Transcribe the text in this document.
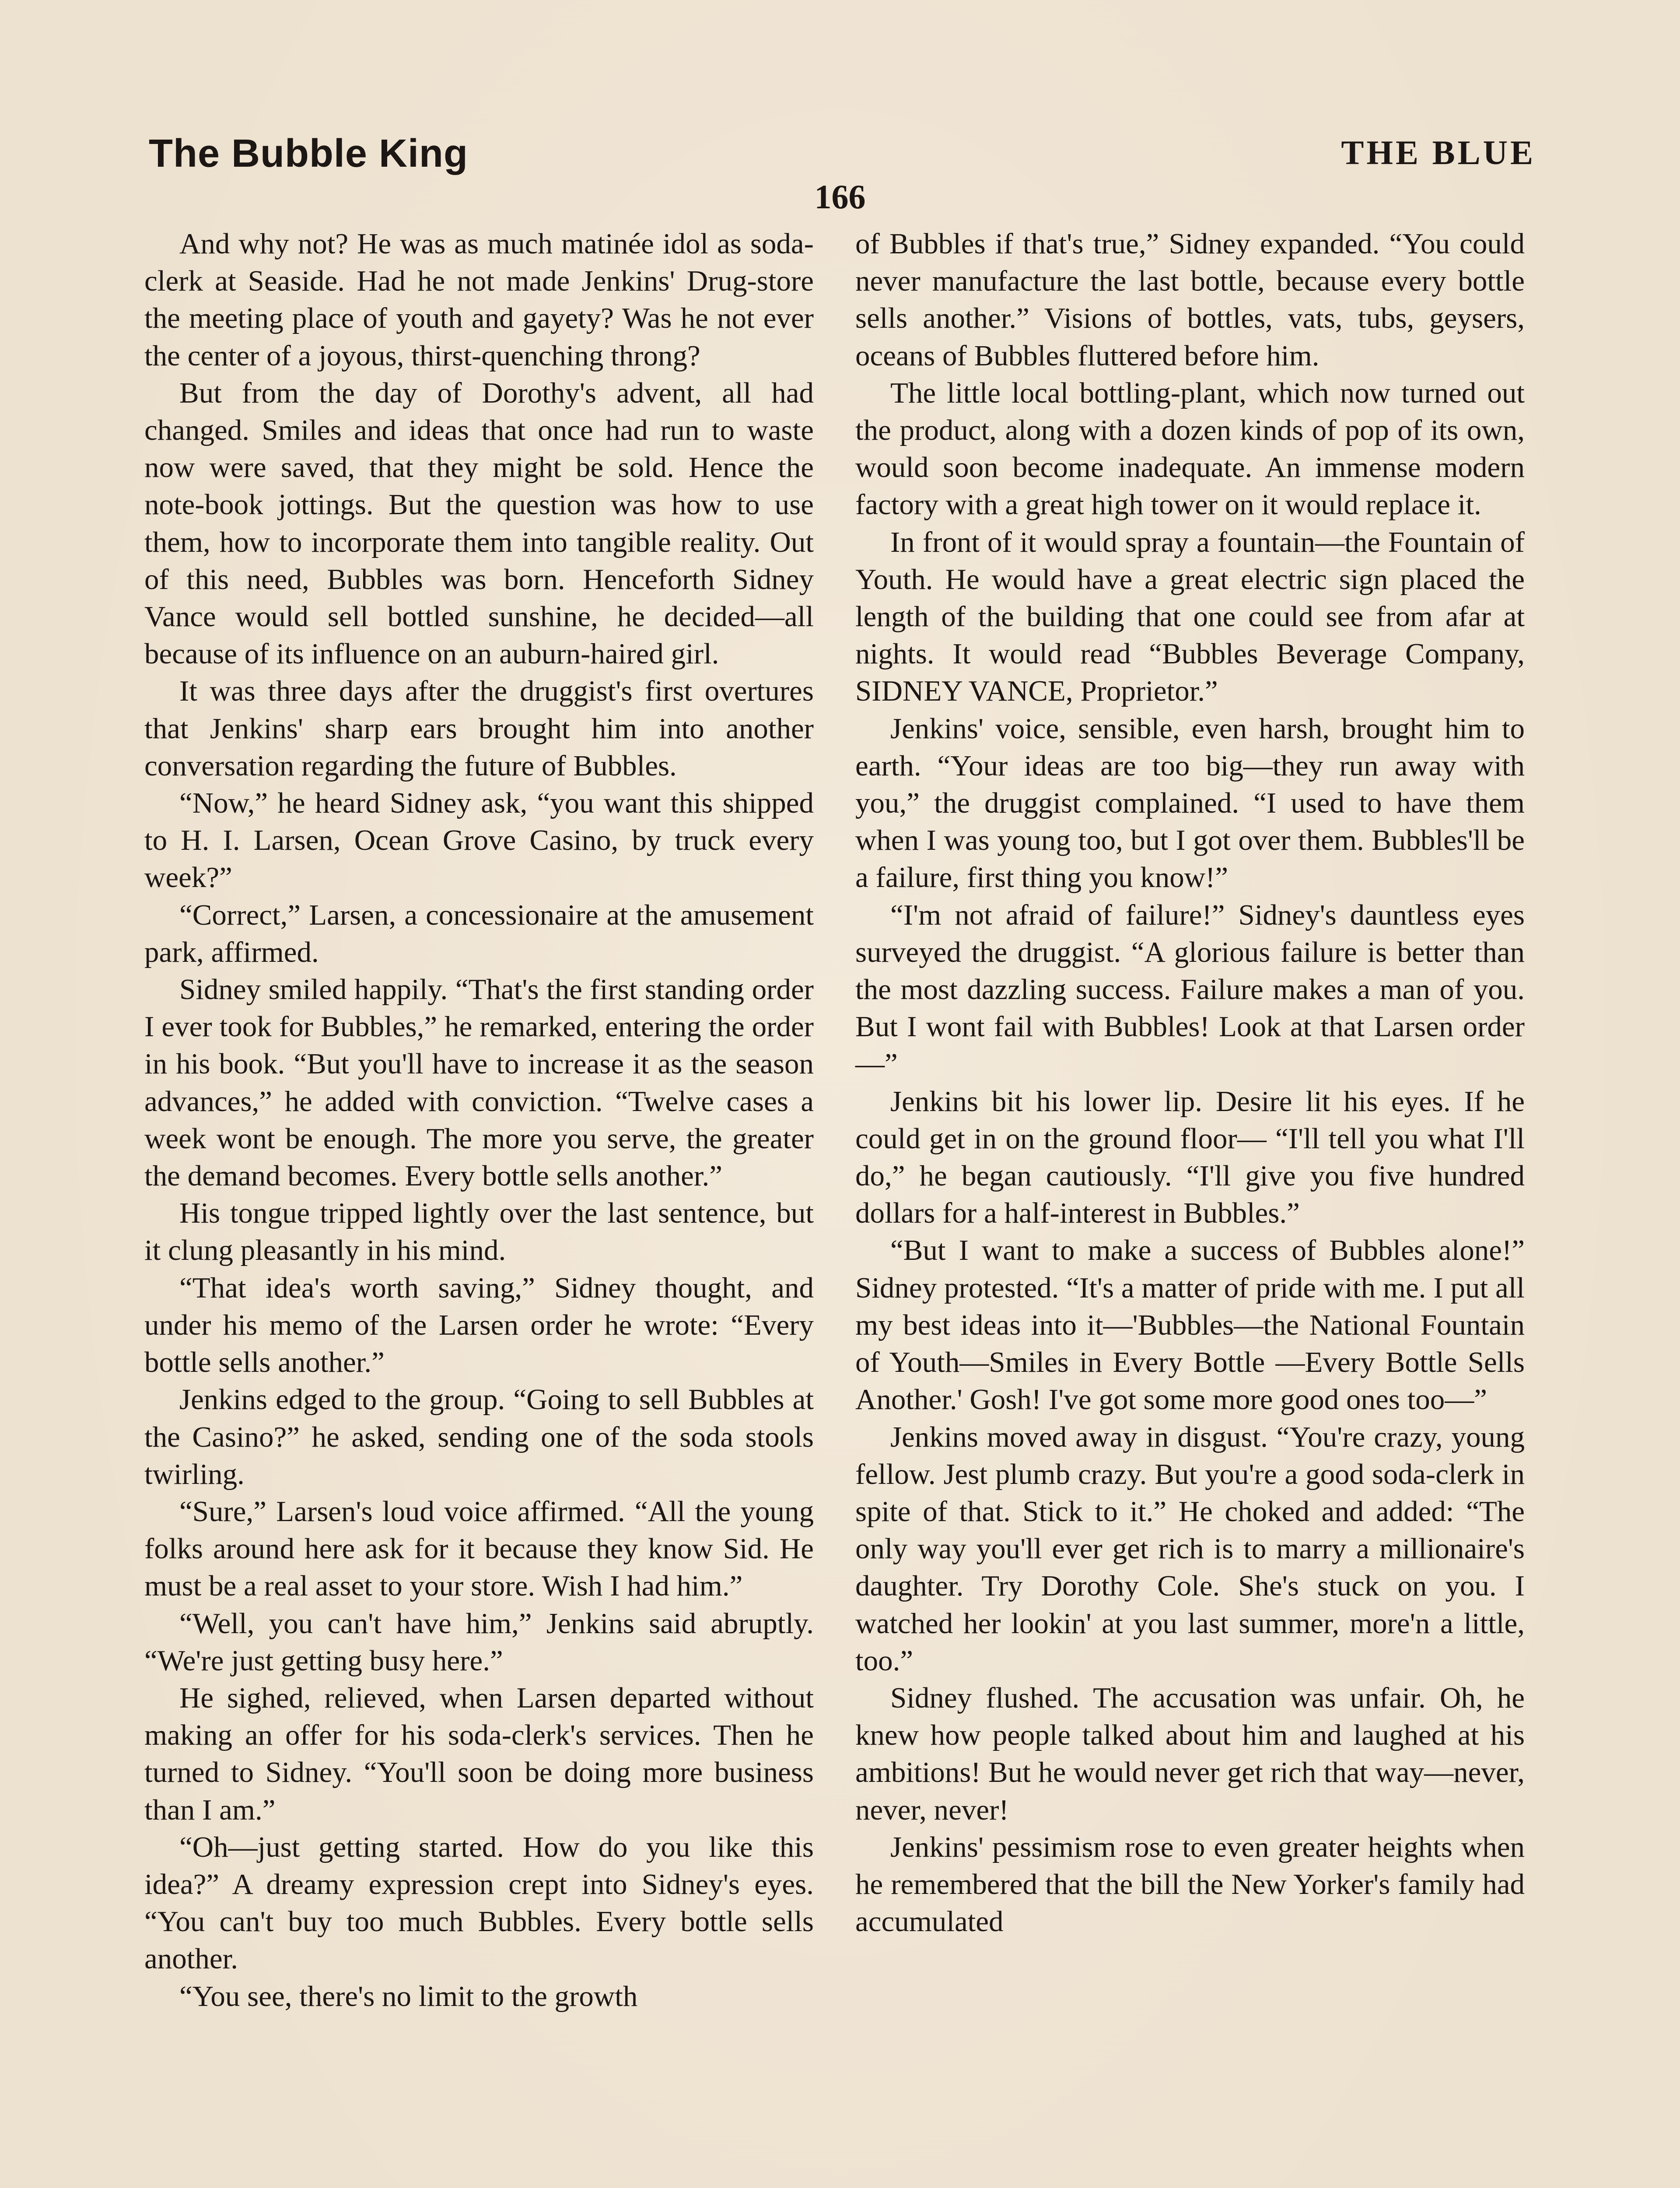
The Bubble King	THE BLUE
166

And why not? He was as much matinée idol as soda-clerk at Seaside. Had he not made Jenkins' Drug-store the meeting place of youth and gayety? Was he not ever the center of a joyous, thirst-quenching throng?

But from the day of Dorothy's advent, all had changed. Smiles and ideas that once had run to waste now were saved, that they might be sold. Hence the note-book jottings. But the question was how to use them, how to incorporate them into tangible reality. Out of this need, Bubbles was born. Henceforth Sidney Vance would sell bottled sunshine, he decided—all because of its influence on an auburn-haired girl.

It was three days after the druggist's first overtures that Jenkins' sharp ears brought him into another conversation regarding the future of Bubbles.

“Now,” he heard Sidney ask, “you want this shipped to H. I. Larsen, Ocean Grove Casino, by truck every week?”

“Correct,” Larsen, a concessionaire at the amusement park, affirmed.

Sidney smiled happily. “That's the first standing order I ever took for Bubbles,” he remarked, entering the order in his book. “But you'll have to increase it as the season advances,” he added with conviction. “Twelve cases a week wont be enough. The more you serve, the greater the demand becomes. Every bottle sells another.”

His tongue tripped lightly over the last sentence, but it clung pleasantly in his mind.

“That idea's worth saving,” Sidney thought, and under his memo of the Larsen order he wrote: “Every bottle sells another.”

Jenkins edged to the group. “Going to sell Bubbles at the Casino?” he asked, sending one of the soda stools twirling.

“Sure,” Larsen's loud voice affirmed. “All the young folks around here ask for it because they know Sid. He must be a real asset to your store. Wish I had him.”

“Well, you can't have him,” Jenkins said abruptly. “We're just getting busy here.”

He sighed, relieved, when Larsen departed without making an offer for his soda-clerk's services. Then he turned to Sidney. “You'll soon be doing more business than I am.”

“Oh—just getting started. How do you like this idea?” A dreamy expression crept into Sidney's eyes. “You can't buy too much Bubbles. Every bottle sells another.

“You see, there's no limit to the growth

of Bubbles if that's true,” Sidney expanded. “You could never manufacture the last bottle, because every bottle sells another.” Visions of bottles, vats, tubs, geysers, oceans of Bubbles fluttered before him.

The little local bottling-plant, which now turned out the product, along with a dozen kinds of pop of its own, would soon become inadequate. An immense modern factory with a great high tower on it would replace it.

In front of it would spray a fountain—the Fountain of Youth. He would have a great electric sign placed the length of the building that one could see from afar at nights. It would read “Bubbles Beverage Company, SIDNEY VANCE, Proprietor.”

Jenkins' voice, sensible, even harsh, brought him to earth. “Your ideas are too big—they run away with you,” the druggist complained. “I used to have them when I was young too, but I got over them. Bubbles'll be a failure, first thing you know!”

“I'm not afraid of failure!” Sidney's dauntless eyes surveyed the druggist. “A glorious failure is better than the most dazzling success. Failure makes a man of you. But I wont fail with Bubbles! Look at that Larsen order—”

Jenkins bit his lower lip. Desire lit his eyes. If he could get in on the ground floor— “I'll tell you what I'll do,” he began cautiously. “I'll give you five hundred dollars for a half-interest in Bubbles.”

“But I want to make a success of Bubbles alone!” Sidney protested. “It's a matter of pride with me. I put all my best ideas into it—'Bubbles—the National Fountain of Youth—Smiles in Every Bottle —Every Bottle Sells Another.' Gosh! I've got some more good ones too—”

Jenkins moved away in disgust. “You're crazy, young fellow. Jest plumb crazy. But you're a good soda-clerk in spite of that. Stick to it.” He choked and added: “The only way you'll ever get rich is to marry a millionaire's daughter. Try Dorothy Cole. She's stuck on you. I watched her lookin' at you last summer, more'n a little, too.”

Sidney flushed. The accusation was unfair. Oh, he knew how people talked about him and laughed at his ambitions! But he would never get rich that way—never, never, never!

Jenkins' pessimism rose to even greater heights when he remembered that the bill the New Yorker's family had accumulated
